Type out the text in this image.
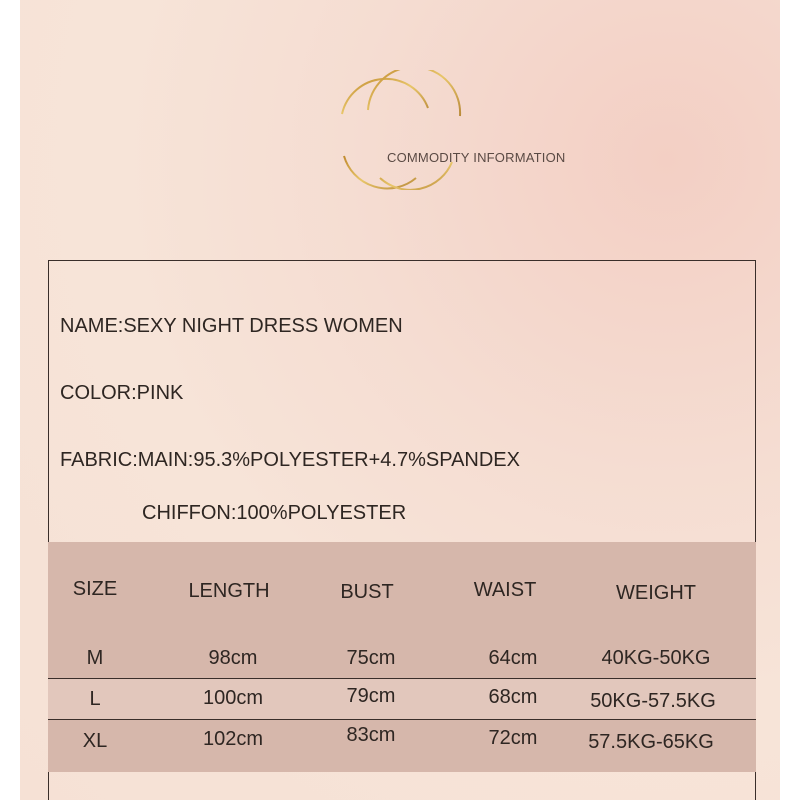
COMMODITY INFORMATION
NAME:SEXY NIGHT DRESS WOMEN
COLOR:PINK
FABRIC:MAIN:95.3%POLYESTER+4.7%SPANDEX
CHIFFON:100%POLYESTER
SIZE	LENGTH	BUST	WAIST	WEIGHT
M	98cm	75cm	64cm	40KG-50KG
L	100cm	79cm	68cm	50KG-57.5KG
XL	102cm	83cm	72cm	57.5KG-65KG
